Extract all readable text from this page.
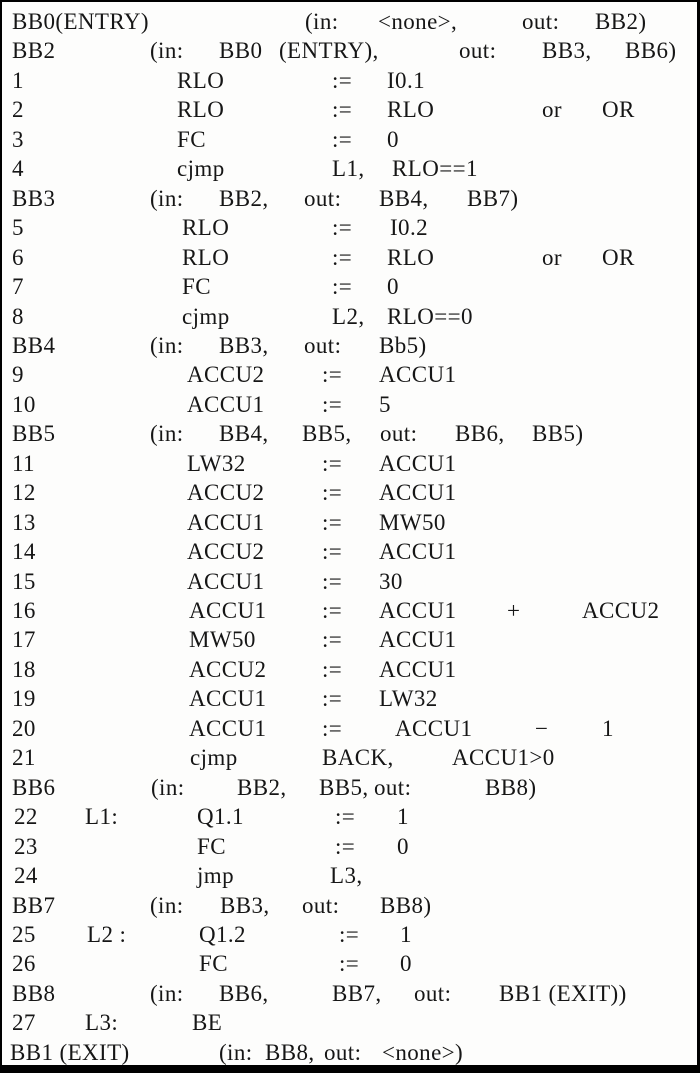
BB0(ENTRY)	(in: <none>,	out: BB2)
BB2	(in: BB0 (ENTRY),	out: BB3, BB6)
1	RLO	:= I0.1
2	RLO	:= RLO	or OR
3	FC	:= 0
4	cjmp	L1, RLO==1
BB3	(in: BB2, out: BB4, BB7)
5	RLO	:= I0.2
6	RLO	:= RLO	or OR
7	FC	:= 0
8	cjmp	L2, RLO==0
BB4	(in: BB3, out: Bb5)
9	ACCU2	:= ACCU1
10	ACCU1	:= 5
BB5	(in: BB4, BB5, out: BB6, BB5)
11	LW32	:= ACCU1
12	ACCU2	:= ACCU1
13	ACCU1	:= MW50
14	ACCU2	:= ACCU1
15	ACCU1	:= 30
16	ACCU1 := ACCU1 +	ACCU2
17	MW50	:= ACCU1
18	ACCU2 := ACCU1
19	ACCU1 := LW32
20	ACCU1 := ACCU1	− 1
21	cjmp	BACK,	ACCU1>0
BB6	(in: BB2, BB5, out:	BB8)
22 L1:	Q1.1	:= 1
23	FC	:= 0
24	jmp	L3,
BB7	(in: BB3, out: BB8)
25 L2 :	Q1.2	:= 1
26	FC	:= 0
BB8	(in: BB6,	BB7, out: BB1 (EXIT))
27 L3:	BE
BB1 (EXIT)	(in: BB8, out: <none>)
